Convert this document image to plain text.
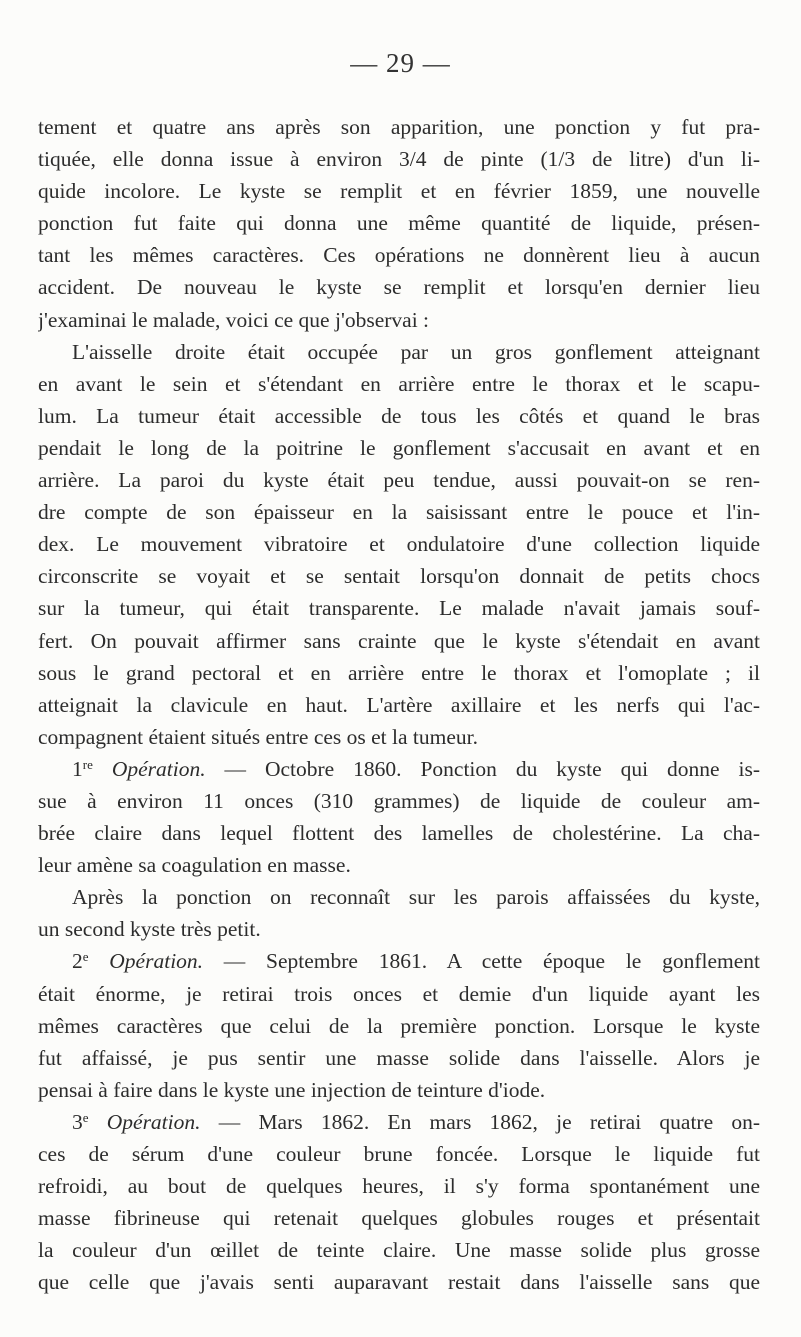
— 29 —
tement et quatre ans après son apparition, une ponction y fut pra-
tiquée, elle donna issue à environ 3/4 de pinte (1/3 de litre) d'un li-
quide incolore. Le kyste se remplit et en février 1859, une nouvelle
ponction fut faite qui donna une même quantité de liquide, présen-
tant les mêmes caractères. Ces opérations ne donnèrent lieu à aucun
accident. De nouveau le kyste se remplit et lorsqu'en dernier lieu
j'examinai le malade, voici ce que j'observai :
L'aisselle droite était occupée par un gros gonflement atteignant
en avant le sein et s'étendant en arrière entre le thorax et le scapu-
lum. La tumeur était accessible de tous les côtés et quand le bras
pendait le long de la poitrine le gonflement s'accusait en avant et en
arrière. La paroi du kyste était peu tendue, aussi pouvait-on se ren-
dre compte de son épaisseur en la saisissant entre le pouce et l'in-
dex. Le mouvement vibratoire et ondulatoire d'une collection liquide
circonscrite se voyait et se sentait lorsqu'on donnait de petits chocs
sur la tumeur, qui était transparente. Le malade n'avait jamais souf-
fert. On pouvait affirmer sans crainte que le kyste s'étendait en avant
sous le grand pectoral et en arrière entre le thorax et l'omoplate ; il
atteignait la clavicule en haut. L'artère axillaire et les nerfs qui l'ac-
compagnent étaient situés entre ces os et la tumeur.
1re Opération. — Octobre 1860. Ponction du kyste qui donne is-
sue à environ 11 onces (310 grammes) de liquide de couleur am-
brée claire dans lequel flottent des lamelles de cholestérine. La cha-
leur amène sa coagulation en masse.
Après la ponction on reconnaît sur les parois affaissées du kyste,
un second kyste très petit.
2e Opération. — Septembre 1861. A cette époque le gonflement
était énorme, je retirai trois onces et demie d'un liquide ayant les
mêmes caractères que celui de la première ponction. Lorsque le kyste
fut affaissé, je pus sentir une masse solide dans l'aisselle. Alors je
pensai à faire dans le kyste une injection de teinture d'iode.
3e Opération. — Mars 1862. En mars 1862, je retirai quatre on-
ces de sérum d'une couleur brune foncée. Lorsque le liquide fut
refroidi, au bout de quelques heures, il s'y forma spontanément une
masse fibrineuse qui retenait quelques globules rouges et présentait
la couleur d'un œillet de teinte claire. Une masse solide plus grosse
que celle que j'avais senti auparavant restait dans l'aisselle sans que
